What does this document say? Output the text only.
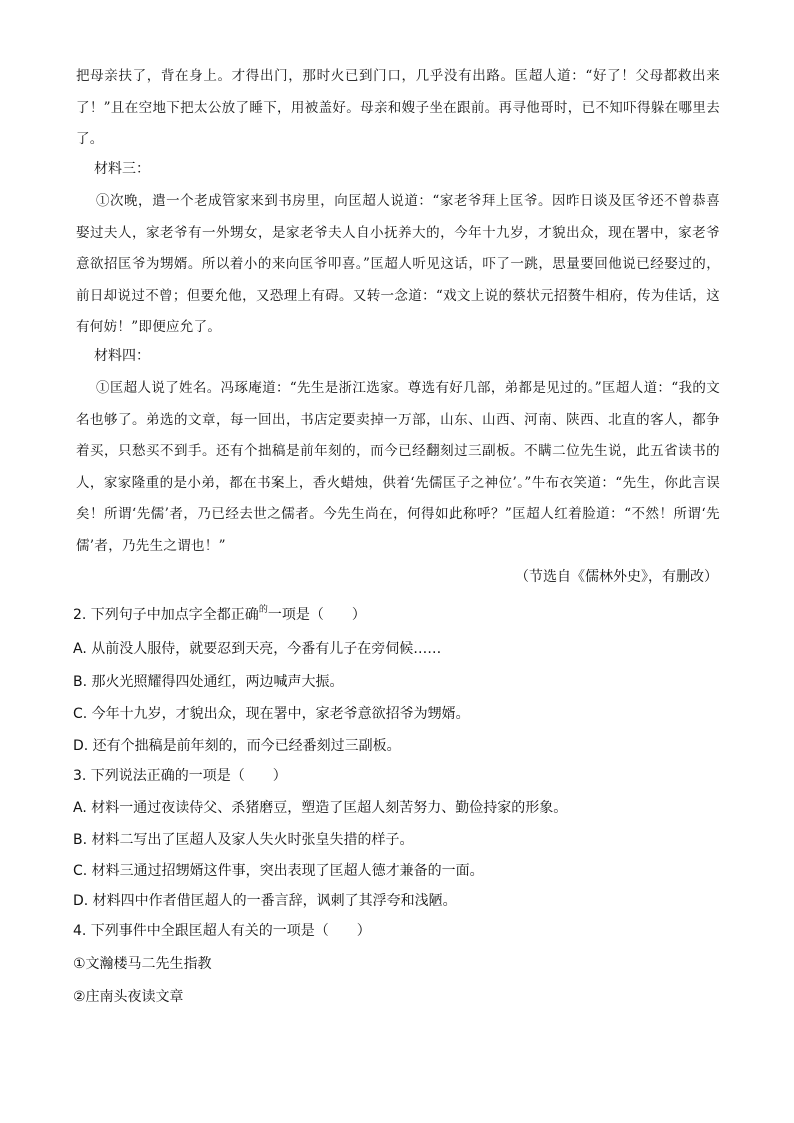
把母亲扶了，背在身上。才得出门，那时火已到门口，几乎没有出路。匡超人道：“好了！父母都救出来了！”且在空地下把太公放了睡下，用被盖好。母亲和嫂子坐在跟前。再寻他哥时，已不知吓得躲在哪里去了。
材料三：
①次晚，遣一个老成管家来到书房里，向匡超人说道：“家老爷拜上匡爷。因昨日谈及匡爷还不曾恭喜娶过夫人，家老爷有一外甥女，是家老爷夫人自小抚养大的，今年十九岁，才貌出众，现在署中，家老爷意欲招匡爷为甥婿。所以着小的来向匡爷叩喜。”匡超人听见这话，吓了一跳，思量要回他说已经娶过的，前日却说过不曾；但要允他，又恐理上有碍。又转一念道：“戏文上说的蔡状元招赘牛相府，传为佳话，这有何妨！”即便应允了。
材料四：
①匡超人说了姓名。冯琢庵道：“先生是浙江选家。尊选有好几部，弟都是见过的。”匡超人道：“我的文名也够了。弟选的文章，每一回出，书店定要卖掉一万部，山东、山西、河南、陕西、北直的客人，都争着买，只愁买不到手。还有个拙稿是前年刻的，而今已经翻刻过三副板。不瞒二位先生说，此五省读书的人，家家隆重的是小弟，都在书案上，香火蜡烛，供着‘先儒匡子之神位’。”牛布衣笑道：“先生，你此言误矣！所谓‘先儒’者，乃已经去世之儒者。今先生尚在，何得如此称呼？”匡超人红着脸道：“不然！所谓‘先儒’者，乃先生之谓也！”
（节选自《儒林外史》，有删改）
2. 下列句子中加点字全都正确$^的$一项是（　　）
A. 从前没人服侍，就要忍到天亮，今番有儿子在旁伺候……
B. 那火光照耀得四处通红，两边喊声大振。
C. 今年十九岁，才貌出众，现在署中，家老爷意欲招爷为甥婿。
D. 还有个拙稿是前年刻的，而今已经番刻过三副板。
3. 下列说法正确的一项是（　　）
A. 材料一通过夜读侍父、杀猪磨豆，塑造了匡超人刻苦努力、勤俭持家的形象。
B. 材料二写出了匡超人及家人失火时张皇失措的样子。
C. 材料三通过招甥婿这件事，突出表现了匡超人德才兼备的一面。
D. 材料四中作者借匡超人的一番言辞，讽刺了其浮夸和浅陋。
4. 下列事件中全跟匡超人有关的一项是（　　）
①文瀚楼马二先生指教
②庄南头夜读文章
